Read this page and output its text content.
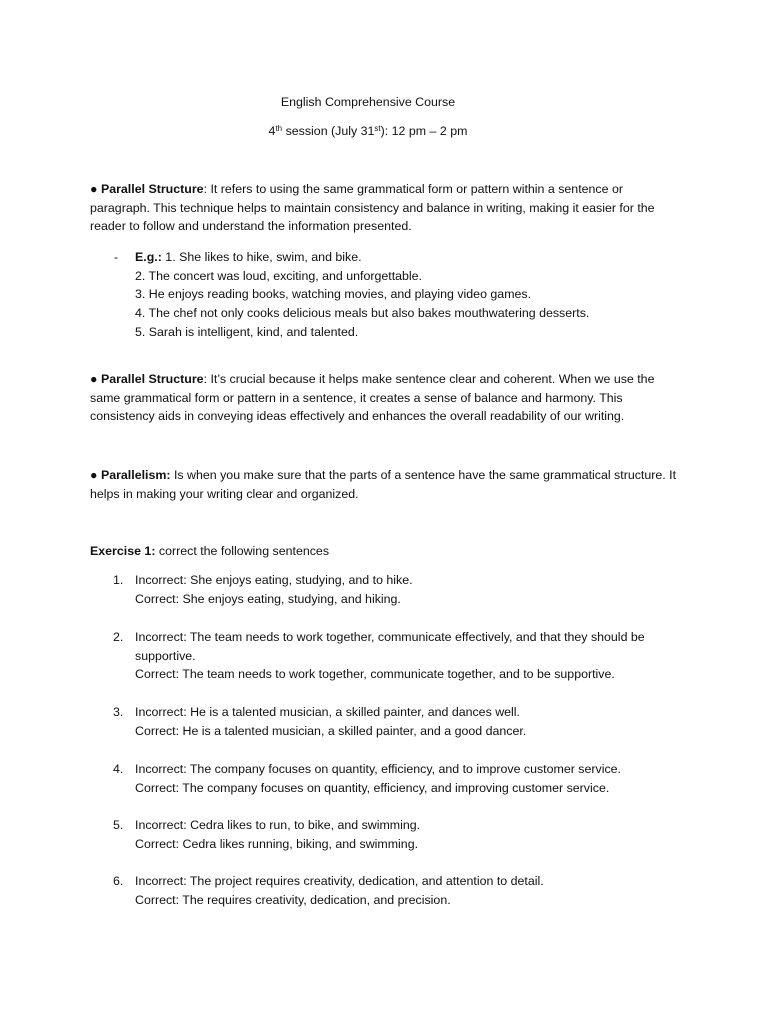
English Comprehensive Course
4th session (July 31st): 12 pm – 2 pm
● Parallel Structure: It refers to using the same grammatical form or pattern within a sentence or paragraph. This technique helps to maintain consistency and balance in writing, making it easier for the reader to follow and understand the information presented.
- E.g.: 1. She likes to hike, swim, and bike.
2. The concert was loud, exciting, and unforgettable.
3. He enjoys reading books, watching movies, and playing video games.
4. The chef not only cooks delicious meals but also bakes mouthwatering desserts.
5. Sarah is intelligent, kind, and talented.
● Parallel Structure: It’s crucial because it helps make sentence clear and coherent. When we use the same grammatical form or pattern in a sentence, it creates a sense of balance and harmony. This consistency aids in conveying ideas effectively and enhances the overall readability of our writing.
● Parallelism: Is when you make sure that the parts of a sentence have the same grammatical structure. It helps in making your writing clear and organized.
Exercise 1: correct the following sentences
1. Incorrect: She enjoys eating, studying, and to hike.
Correct: She enjoys eating, studying, and hiking.
2. Incorrect: The team needs to work together, communicate effectively, and that they should be supportive.
Correct: The team needs to work together, communicate together, and to be supportive.
3. Incorrect: He is a talented musician, a skilled painter, and dances well.
Correct: He is a talented musician, a skilled painter, and a good dancer.
4. Incorrect: The company focuses on quantity, efficiency, and to improve customer service.
Correct: The company focuses on quantity, efficiency, and improving customer service.
5. Incorrect: Cedra likes to run, to bike, and swimming.
Correct: Cedra likes running, biking, and swimming.
6. Incorrect: The project requires creativity, dedication, and attention to detail.
Correct: The requires creativity, dedication, and precision.
